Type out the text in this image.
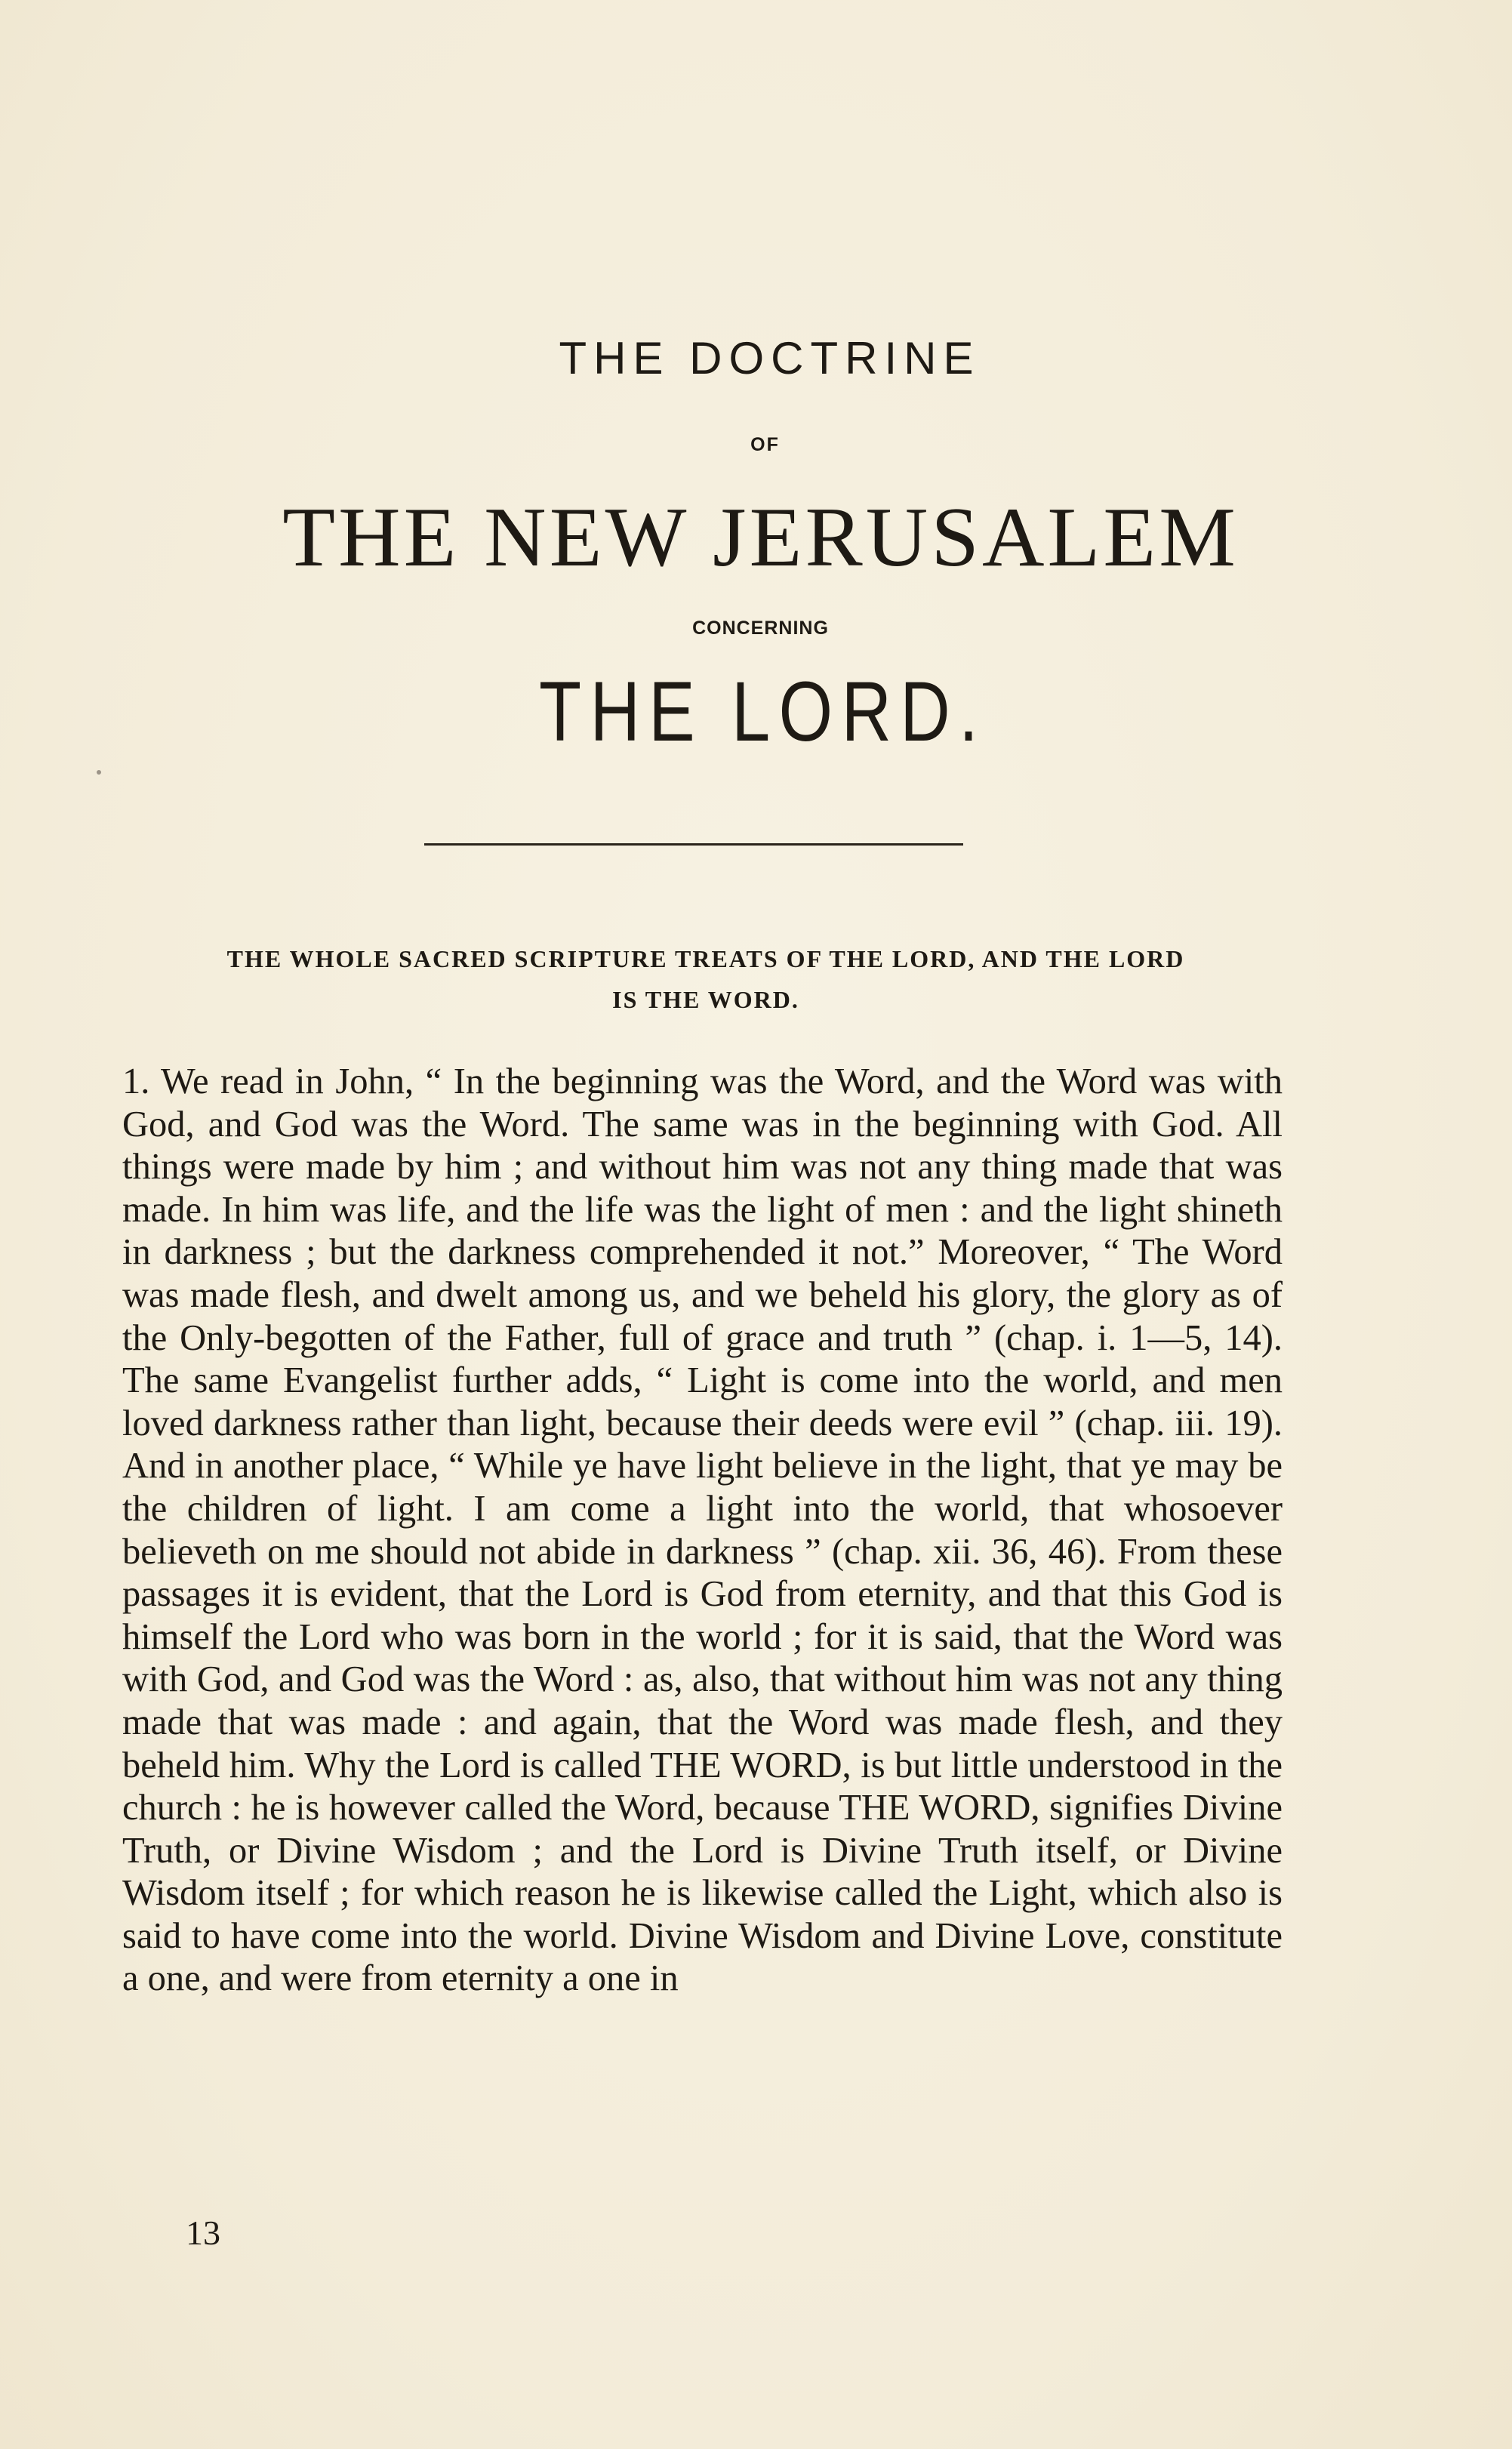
​
THE DOCTRINE
OF
THE NEW JERUSALEM
CONCERNING
THE LORD.
THE WHOLE SACRED SCRIPTURE TREATS OF THE LORD, AND THE LORD
IS THE WORD.

1. We read in John, “ In the beginning was the Word, and the Word was with God, and God was the Word. The same was in the beginning with God. All things were made by him ; and without him was not any thing made that was made. In him was life, and the life was the light of men : and the light shineth in darkness ; but the darkness comprehended it not.” Moreover, “ The Word was made flesh, and dwelt among us, and we beheld his glory, the glory as of the Only-begotten of the Father, full of grace and truth ” (chap. i. 1—5, 14). The same Evangelist further adds, “ Light is come into the world, and men loved darkness rather than light, because their deeds were evil ” (chap. iii. 19). And in another place, “ While ye have light believe in the light, that ye may be the children of light. I am come a light into the world, that whosoever believeth on me should not abide in darkness ” (chap. xii. 36, 46). From these passages it is evident, that the Lord is God from eternity, and that this God is himself the Lord who was born in the world ; for it is said, that the Word was with God, and God was the Word : as, also, that without him was not any thing made that was made : and again, that the Word was made flesh, and they beheld him. Why the Lord is called THE WORD, is but little understood in the church : he is however called the Word, because THE WORD, signifies Divine Truth, or Divine Wisdom ; and the Lord is Divine Truth itself, or Divine Wisdom itself ; for which reason he is likewise called the Light, which also is said to have come into the world. Divine Wisdom and Divine Love, constitute a one, and were from eternity a one in

13
